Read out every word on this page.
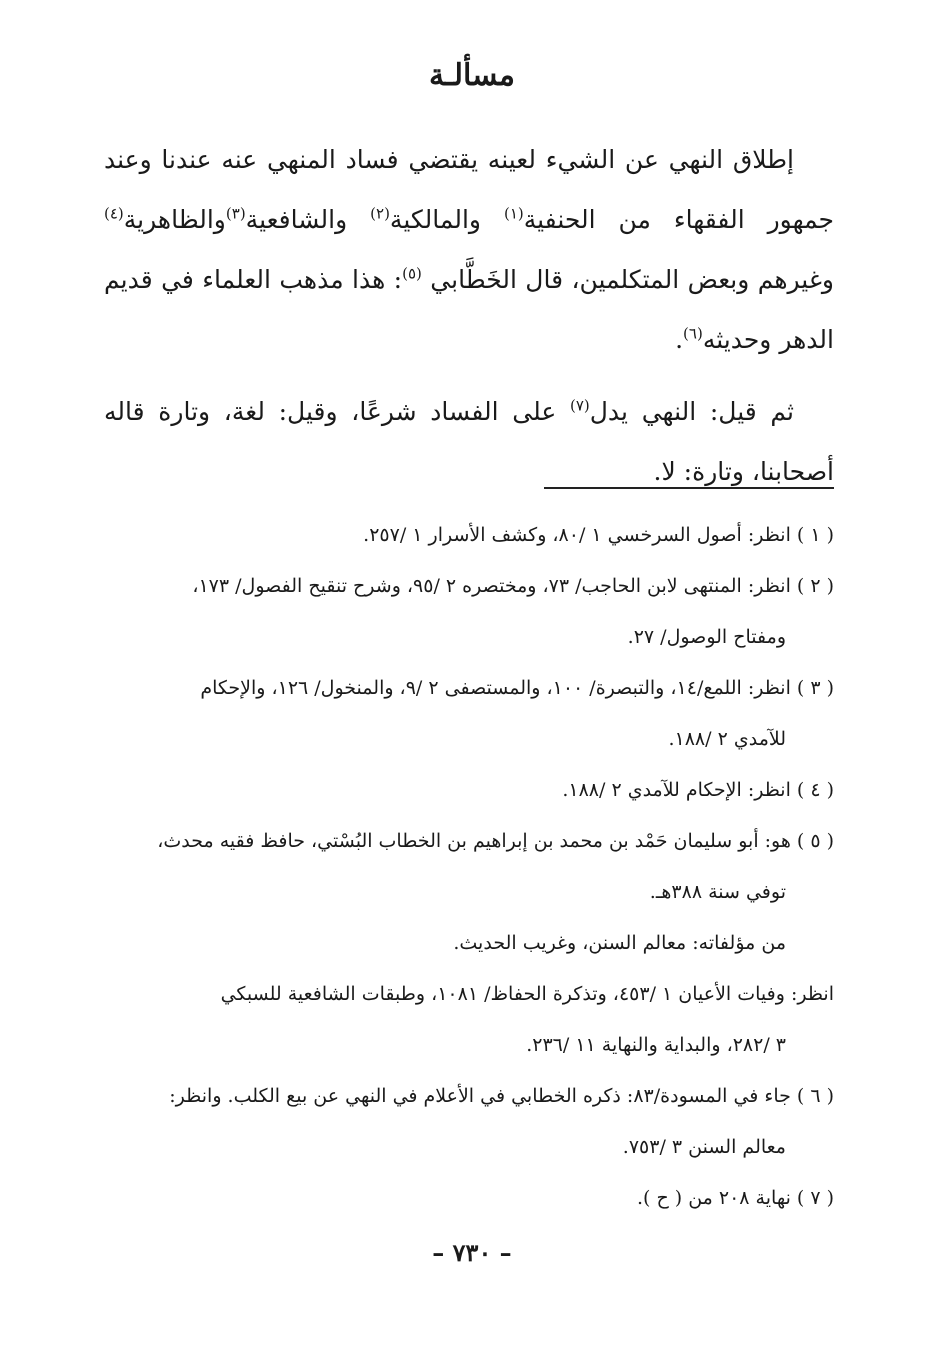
مسألـة

إطلاق النهي عن الشيء لعينه يقتضي فساد المنهي عنه عندنا وعند جمهور الفقهاء من الحنفية$^{(١)}$ والمالكية$^{(٢)}$ والشافعية$^{(٣)}$والظاهرية$^{(٤)}$ وغيرهم وبعض المتكلمين، قال الخَطَّابي $^{(٥)}$: هذا مذهب العلماء في قديم الدهر وحديثه$^{(٦)}$.

ثم قيل: النهي يدل$^{(٧)}$ على الفساد شرعًا، وقيل: لغة، وتارة قاله أصحابنا، وتارة: لا.

( ١ )انظر: أصول السرخسي ١ /٨٠، وكشف الأسرار ١ /٢٥٧.
( ٢ )انظر: المنتهى لابن الحاجب/ ٧٣، ومختصره ٢ /٩٥، وشرح تنقيح الفصول/ ١٧٣،
ومفتاح الوصول/ ٢٧.
( ٣ )انظر: اللمع/١٤، والتبصرة/ ١٠٠، والمستصفى ٢ /٩، والمنخول/ ١٢٦، والإحكام
للآمدي ٢ /١٨٨.
( ٤ )انظر: الإحكام للآمدي ٢ /١٨٨.
( ٥ )هو: أبو سليمان حَمْد بن محمد بن إبراهيم بن الخطاب البُسْتي، حافظ فقيه محدث،
توفي سنة ٣٨٨هـ.
من مؤلفاته: معالم السنن، وغريب الحديث.
انظر: وفيات الأعيان ١ /٤٥٣، وتذكرة الحفاظ/ ١٠٨١، وطبقات الشافعية للسبكي
٣ /٢٨٢، والبداية والنهاية ١١ /٢٣٦.
( ٦ )جاء في المسودة/٨٣: ذكره الخطابي في الأعلام في النهي عن بيع الكلب. وانظر:
معالم السنن ٣ /٧٥٣.
( ٧ )نهاية ٢٠٨ من ( ح ).
– ٧٣٠ –
